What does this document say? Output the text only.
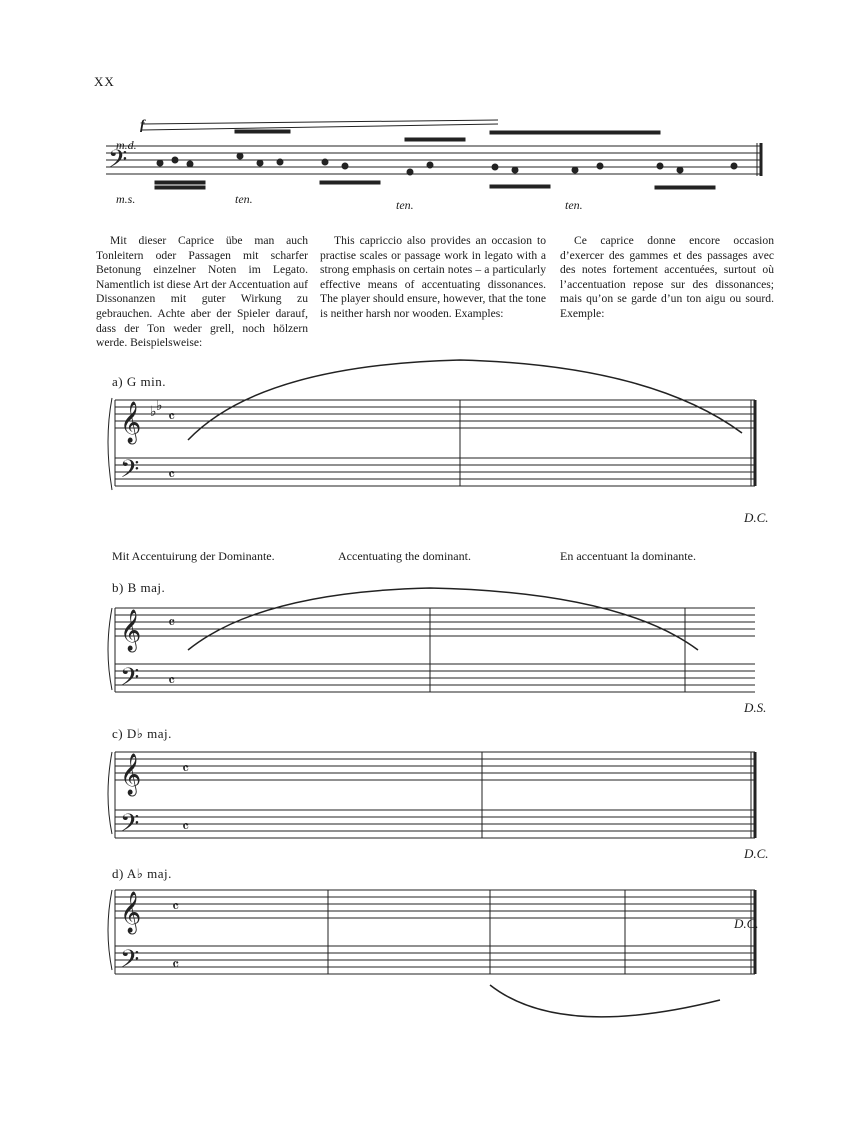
XX
𝄢
𝄞
𝄢
♭ ♭
𝄴
𝄴
𝄞
𝄢
𝄴
𝄴
𝄞
𝄢
𝄴
𝄴
𝄞
𝄢
𝄴
𝄴
m.d.
f
m.s.	ten.	ten.	ten.

Mit dieser Caprice übe man auch Tonleitern oder Passagen mit scharfer Betonung einzelner Noten im Legato. Namentlich ist diese Art der Accentuation auf Dissonanzen mit guter Wirkung zu gebrauchen. Achte aber der Spieler darauf, dass der Ton weder grell, noch hölzern werde. Beispielsweise:

This capriccio also provides an occasion to practise scales or passage work in legato with a strong emphasis on certain notes – a particularly effective means of accentuating dissonances. The player should ensure, however, that the tone is neither harsh nor wooden. Examples:

Ce caprice donne encore occasion d’exercer des gammes et des passages avec des notes fortement accentuées, surtout où l’accentuation repose sur des dissonances; mais qu’on se garde d’un ton aigu ou sourd. Exemple:

a) G min.
D.C.
Mit Accentuirung der Dominante.	Accentuating the dominant.	En accentuant la dominante.
b) B maj.
D.S.
c) D♭ maj.
D.C.
d) A♭ maj.
D.C.
